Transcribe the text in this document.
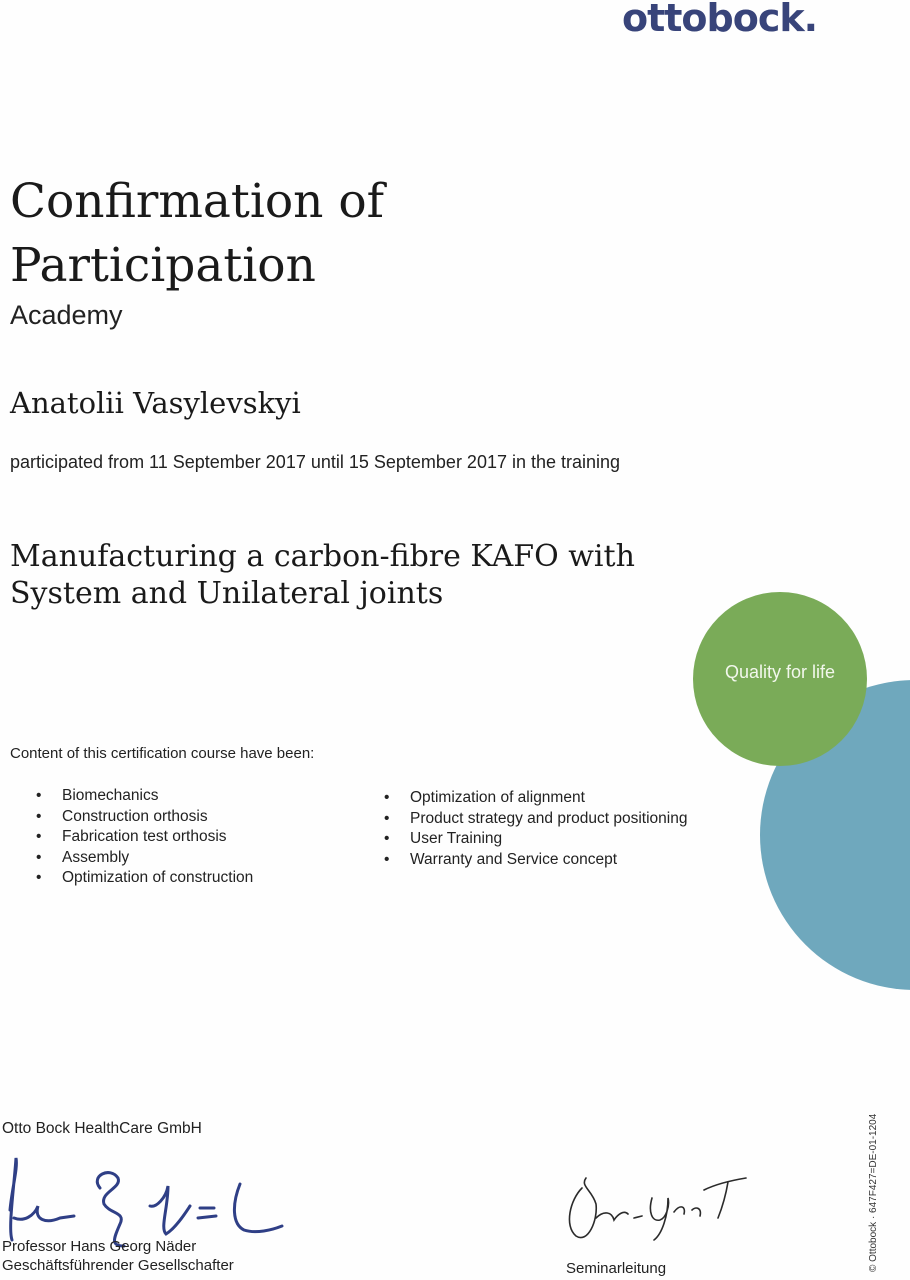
ottobock.
Confirmation of Participation
Academy
Anatolii Vasylevskyi
participated from 11 September 2017 until 15 September 2017 in the training
Manufacturing a carbon-fibre KAFO with System and Unilateral joints
Quality for life
Content of this certification course have been:
• Biomechanics
• Construction orthosis
• Fabrication test orthosis
• Assembly
• Optimization of construction
• Optimization of alignment
• Product strategy and product positioning
• User Training
• Warranty and Service concept
Otto Bock HealthCare GmbH
Professor Hans Georg Näder
Geschäftsführender Gesellschafter	Seminarleitung	© Ottobock · 647F427=DE-01-1204
